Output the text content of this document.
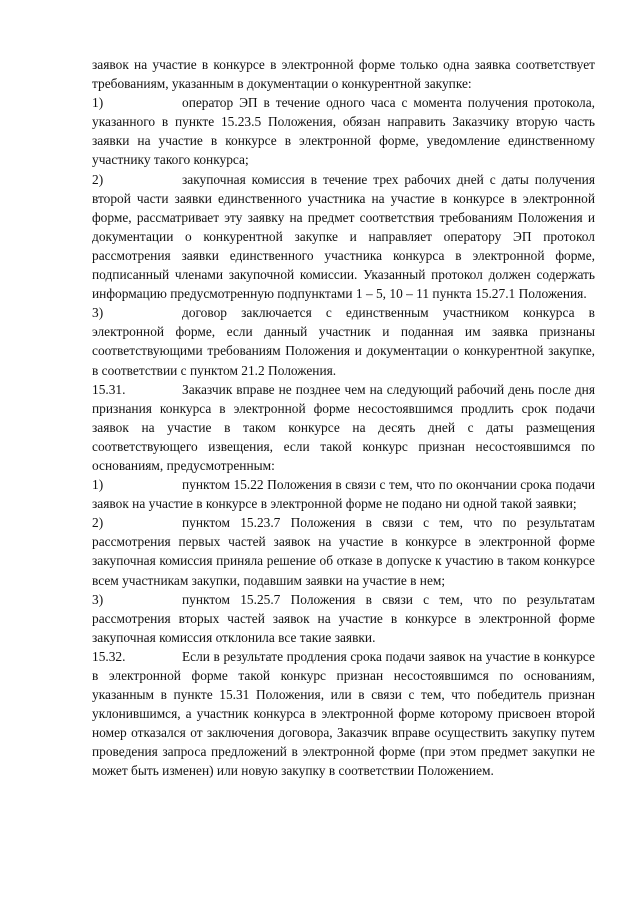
заявок на участие в конкурсе в электронной форме только одна заявка соответствует требованиям, указанным в документации о конкурентной закупке:

1)	оператор ЭП в течение одного часа с момента получения протокола, указанного в пункте 15.23.5 Положения, обязан направить Заказчику вторую часть заявки на участие в конкурсе в электронной форме, уведомление единственному участнику такого конкурса;

2)	закупочная комиссия в течение трех рабочих дней с даты получения второй части заявки единственного участника на участие в конкурсе в электронной форме, рассматривает эту заявку на предмет соответствия требованиям Положения и документации о конкурентной закупке и направляет оператору ЭП протокол рассмотрения заявки единственного участника конкурса в электронной форме, подписанный членами закупочной комиссии. Указанный протокол должен содержать информацию предусмотренную подпунктами 1 – 5, 10 – 11 пункта 15.27.1 Положения.

3)	договор заключается с единственным участником конкурса в электронной форме, если данный участник и поданная им заявка признаны соответствующими требованиям Положения и документации о конкурентной закупке, в соответствии с пунктом 21.2 Положения.

15.31.	Заказчик вправе не позднее чем на следующий рабочий день после дня признания конкурса в электронной форме несостоявшимся продлить срок подачи заявок на участие в таком конкурсе на десять дней с даты размещения соответствующего извещения, если такой конкурс признан несостоявшимся по основаниям, предусмотренным:

1)	пунктом 15.22 Положения в связи с тем, что по окончании срока подачи заявок на участие в конкурсе в электронной форме не подано ни одной такой заявки;

2)	пунктом 15.23.7 Положения в связи с тем, что по результатам рассмотрения первых частей заявок на участие в конкурсе в электронной форме закупочная комиссия приняла решение об отказе в допуске к участию в таком конкурсе всем участникам закупки, подавшим заявки на участие в нем;

3)	пунктом 15.25.7 Положения в связи с тем, что по результатам рассмотрения вторых частей заявок на участие в конкурсе в электронной форме закупочная комиссия отклонила все такие заявки.

15.32.	Если в результате продления срока подачи заявок на участие в конкурсе в электронной форме такой конкурс признан несостоявшимся по основаниям, указанным в пункте 15.31 Положения, или в связи с тем, что победитель признан уклонившимся, а участник конкурса в электронной форме которому присвоен второй номер отказался от заключения договора, Заказчик вправе осуществить закупку путем проведения запроса предложений в электронной форме (при этом предмет закупки не может быть изменен) или новую закупку в соответствии Положением.
